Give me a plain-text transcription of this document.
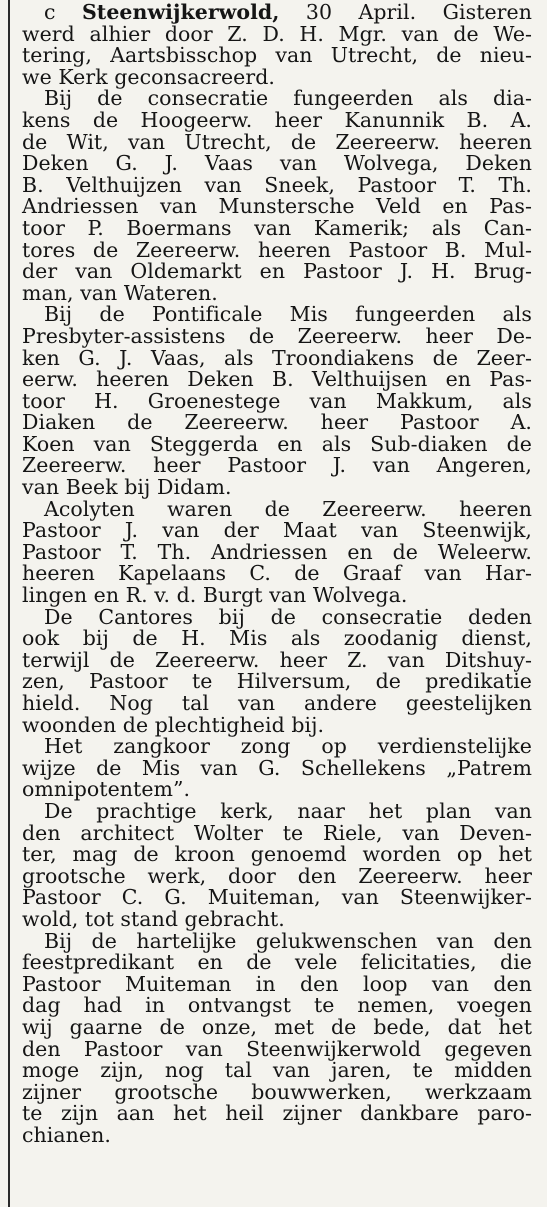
c Steenwijkerwold, 30 April. Gisteren
werd alhier door Z. D. H. Mgr. van de We-
tering, Aartsbisschop van Utrecht, de nieu-
we Kerk geconsacreerd.

Bij de consecratie fungeerden als dia-
kens de Hoogeerw. heer Kanunnik B. A.
de Wit, van Utrecht, de Zeereerw. heeren
Deken G. J. Vaas van Wolvega, Deken
B. Velthuijzen van Sneek, Pastoor T. Th.
Andriessen van Munstersche Veld en Pas-
toor P. Boermans van Kamerik; als Can-
tores de Zeereerw. heeren Pastoor B. Mul-
der van Oldemarkt en Pastoor J. H. Brug-
man, van Wateren.

Bij de Pontificale Mis fungeerden als
Presbyter-assistens de Zeereerw. heer De-
ken G. J. Vaas, als Troondiakens de Zeer-
eerw. heeren Deken B. Velthuijsen en Pas-
toor H. Groenestege van Makkum, als
Diaken de Zeereerw. heer Pastoor A.
Koen van Steggerda en als Sub-diaken de
Zeereerw. heer Pastoor J. van Angeren,
van Beek bij Didam.

Acolyten waren de Zeereerw. heeren
Pastoor J. van der Maat van Steenwijk,
Pastoor T. Th. Andriessen en de Weleerw.
heeren Kapelaans C. de Graaf van Har-
lingen en R. v. d. Burgt van Wolvega.

De Cantores bij de consecratie deden
ook bij de H. Mis als zoodanig dienst,
terwijl de Zeereerw. heer Z. van Ditshuy-
zen, Pastoor te Hilversum, de predikatie
hield. Nog tal van andere geestelijken
woonden de plechtigheid bij.

Het zangkoor zong op verdienstelijke
wijze de Mis van G. Schellekens „Patrem
omnipotentem”.

De prachtige kerk, naar het plan van
den architect Wolter te Riele, van Deven-
ter, mag de kroon genoemd worden op het
grootsche werk, door den Zeereerw. heer
Pastoor C. G. Muiteman, van Steenwijker-
wold, tot stand gebracht.

Bij de hartelijke gelukwenschen van den
feestpredikant en de vele felicitaties, die
Pastoor Muiteman in den loop van den
dag had in ontvangst te nemen, voegen
wij gaarne de onze, met de bede, dat het
den Pastoor van Steenwijkerwold gegeven
moge zijn, nog tal van jaren, te midden
zijner grootsche bouwwerken, werkzaam
te zijn aan het heil zijner dankbare paro-
chianen.
